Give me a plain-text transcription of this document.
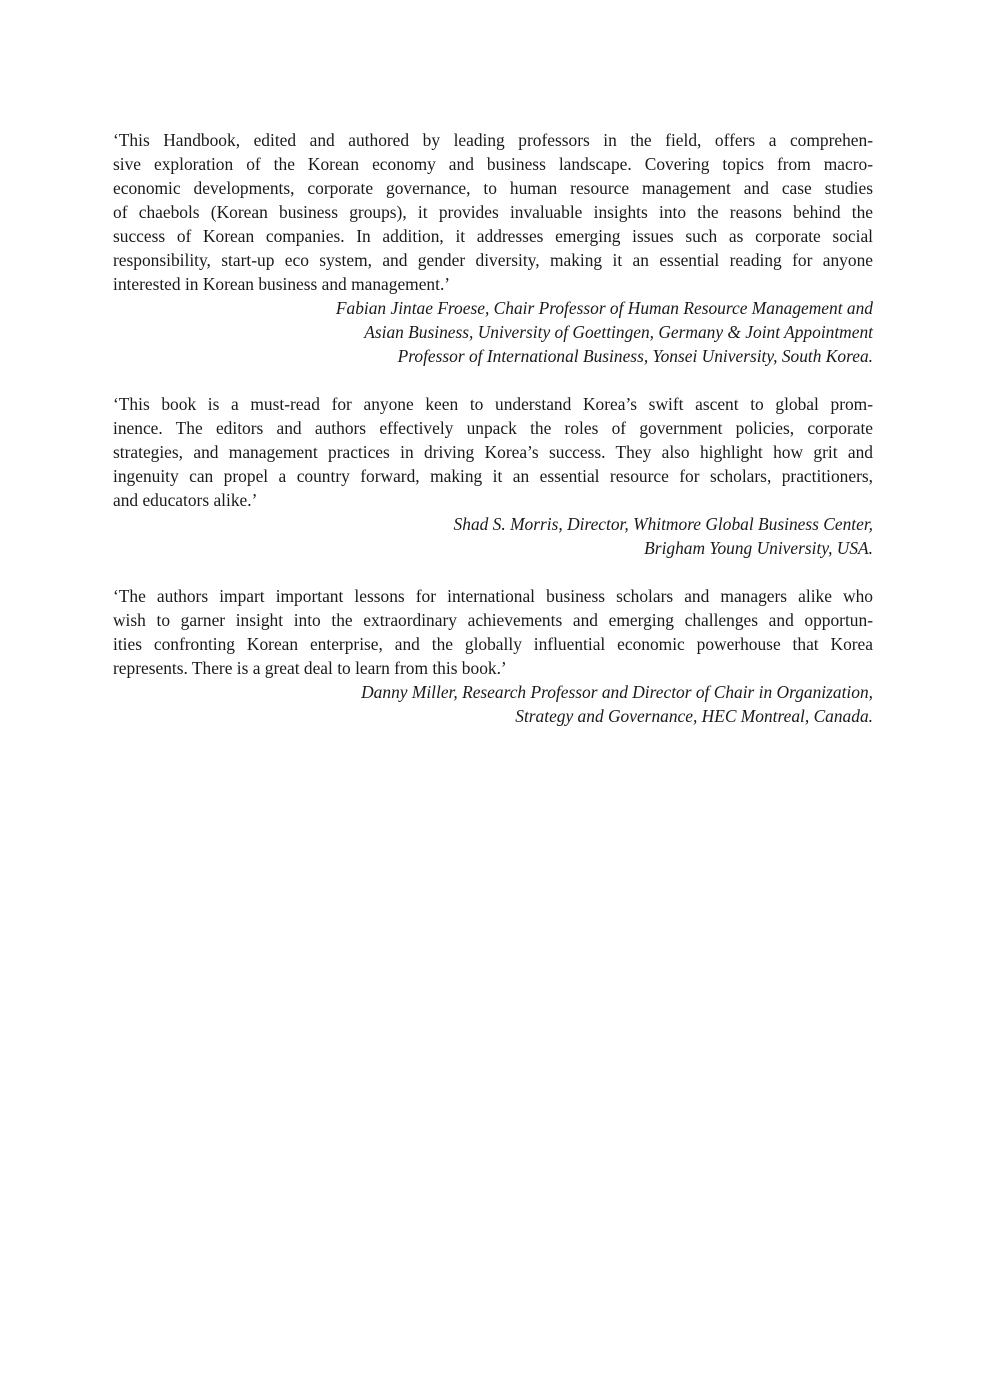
‘This Handbook, edited and authored by leading professors in the field, offers a comprehen-
sive exploration of the Korean economy and business landscape. Covering topics from macro-
economic developments, corporate governance, to human resource management and case studies
of chaebols (Korean business groups), it provides invaluable insights into the reasons behind the
success of Korean companies. In addition, it addresses emerging issues such as corporate social
responsibility, start-up eco system, and gender diversity, making it an essential reading for anyone
interested in Korean business and management.’
Fabian Jintae Froese, Chair Professor of Human Resource Management and
Asian Business, University of Goettingen, Germany & Joint Appointment
Professor of International Business, Yonsei University, South Korea.
‘This book is a must-read for anyone keen to understand Korea’s swift ascent to global prom-
inence. The editors and authors effectively unpack the roles of government policies, corporate
strategies, and management practices in driving Korea’s success. They also highlight how grit and
ingenuity can propel a country forward, making it an essential resource for scholars, practitioners,
and educators alike.’
Shad S. Morris, Director, Whitmore Global Business Center,
Brigham Young University, USA.
‘The authors impart important lessons for international business scholars and managers alike who
wish to garner insight into the extraordinary achievements and emerging challenges and opportun-
ities confronting Korean enterprise, and the globally influential economic powerhouse that Korea
represents. There is a great deal to learn from this book.’
Danny Miller, Research Professor and Director of Chair in Organization,
Strategy and Governance, HEC Montreal, Canada.
